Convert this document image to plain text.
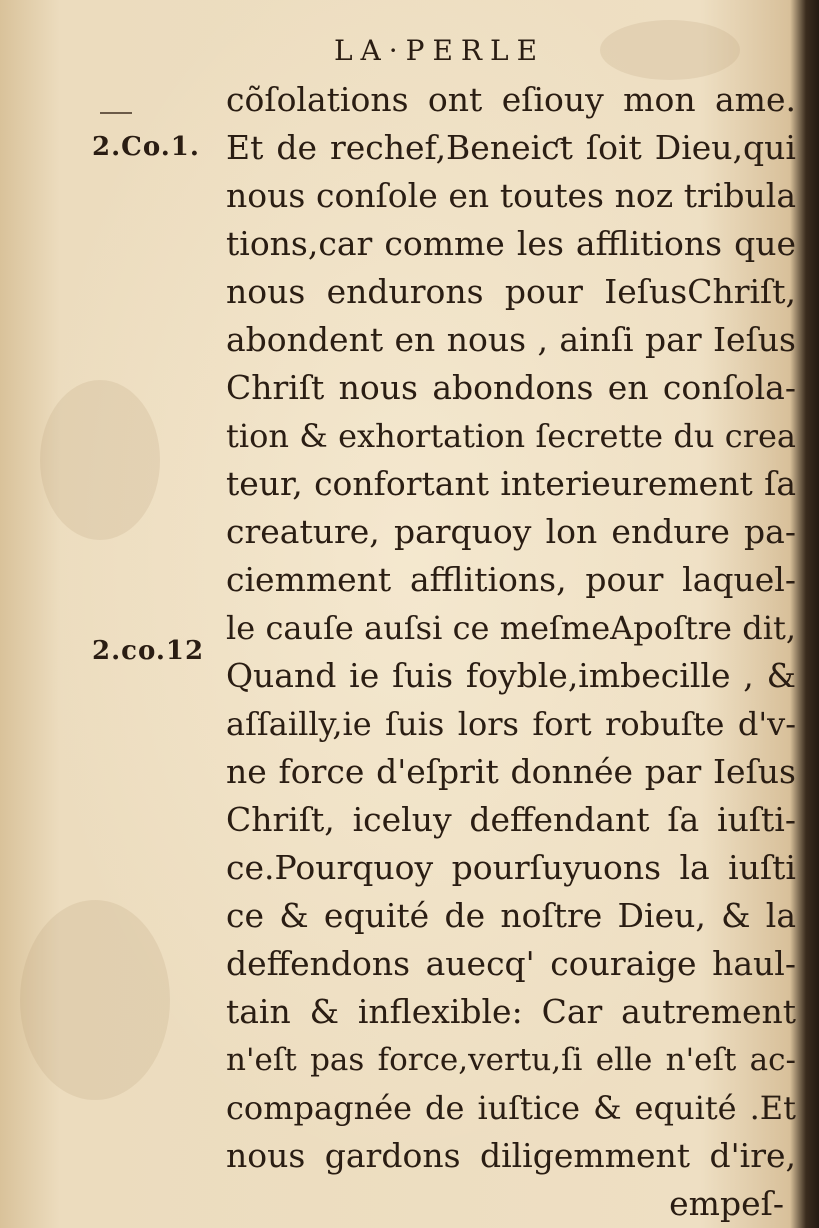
LA·PERLE
2.Co.1.
2.co.12
cõſolations ont eſiouy mon ame.
Et de rechef,Beneiƈt ſoit Dieu,qui
nous conſole en toutes noz tribula
tions,car comme les afflitions que
nous endurons pour IeſusChriſt,
abondent en nous , ainſi par Ieſus
Chriſt nous abondons en conſola-
tion & exhortation ſecrette du crea
teur, confortant interieurement ſa
creature, parquoy lon endure pa-
ciemment afflitions, pour laquel-
le cauſe auſsi ce meſmeApoſtre dit,
Quand ie ſuis foyble,imbecille , &
aſſailly,ie ſuis lors fort robuſte d'v-
ne force d'eſprit donnée par Ieſus
Chriſt, iceluy deffendant ſa iuſti-
ce.Pourquoy pourſuyuons la iuſti
ce & equité de noſtre Dieu, & la
deffendons auecq' couraige haul-
tain & inflexible: Car autrement
n'eſt pas force,vertu,ſi elle n'eſt ac-
compagnée de iuſtice & equité .Et
nous gardons diligemment d'ire,
empeſ-
